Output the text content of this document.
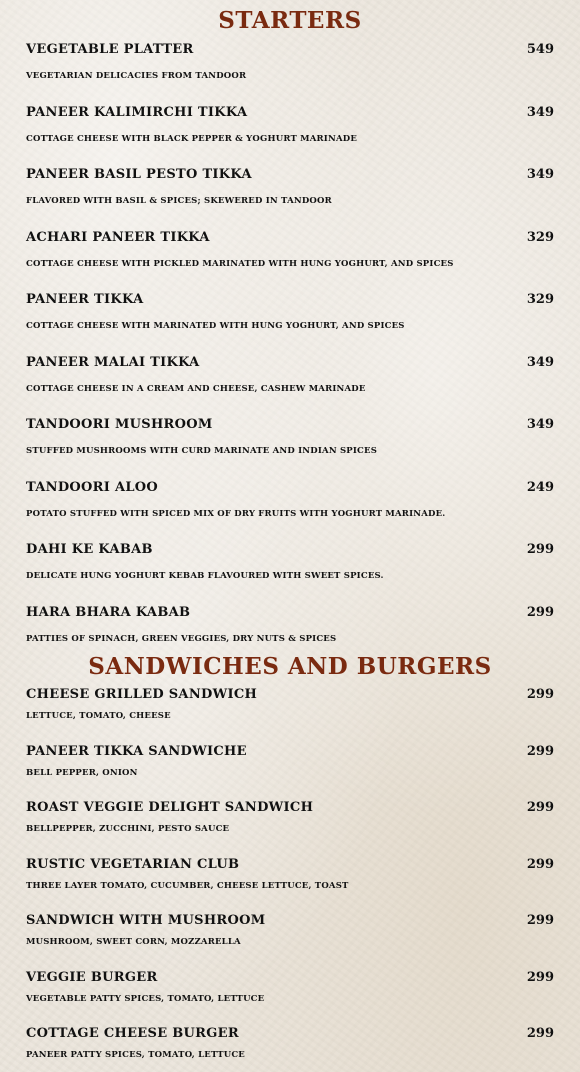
STARTERS
VEGETABLE PLATTER	549
VEGETARIAN DELICACIES FROM TANDOOR
PANEER KALIMIRCHI TIKKA	349
COTTAGE CHEESE WITH BLACK PEPPER & YOGHURT MARINADE
PANEER BASIL PESTO TIKKA	349
FLAVORED WITH BASIL & SPICES; SKEWERED IN TANDOOR
ACHARI PANEER TIKKA	329
COTTAGE CHEESE WITH PICKLED MARINATED WITH HUNG YOGHURT, AND SPICES
PANEER TIKKA	329
COTTAGE CHEESE WITH MARINATED WITH HUNG YOGHURT, AND SPICES
PANEER MALAI TIKKA	349
COTTAGE CHEESE IN A CREAM AND CHEESE, CASHEW MARINADE
TANDOORI MUSHROOM	349
STUFFED MUSHROOMS WITH CURD MARINATE AND INDIAN SPICES
TANDOORI ALOO	249
POTATO STUFFED WITH SPICED MIX OF DRY FRUITS WITH YOGHURT MARINADE.
DAHI KE KABAB	299
DELICATE HUNG YOGHURT KEBAB FLAVOURED WITH SWEET SPICES.
HARA BHARA KABAB	299
PATTIES OF SPINACH, GREEN VEGGIES, DRY NUTS & SPICES
SANDWICHES AND BURGERS
CHEESE GRILLED SANDWICH	299
LETTUCE, TOMATO, CHEESE
PANEER TIKKA SANDWICHE	299
BELL PEPPER, ONION
ROAST VEGGIE DELIGHT SANDWICH	299
BELLPEPPER, ZUCCHINI, PESTO SAUCE
RUSTIC VEGETARIAN CLUB	299
THREE LAYER TOMATO, CUCUMBER, CHEESE LETTUCE, TOAST
SANDWICH WITH MUSHROOM	299
MUSHROOM, SWEET CORN, MOZZARELLA
VEGGIE BURGER	299
VEGETABLE PATTY SPICES, TOMATO, LETTUCE
COTTAGE CHEESE BURGER	299
PANEER PATTY SPICES, TOMATO, LETTUCE
